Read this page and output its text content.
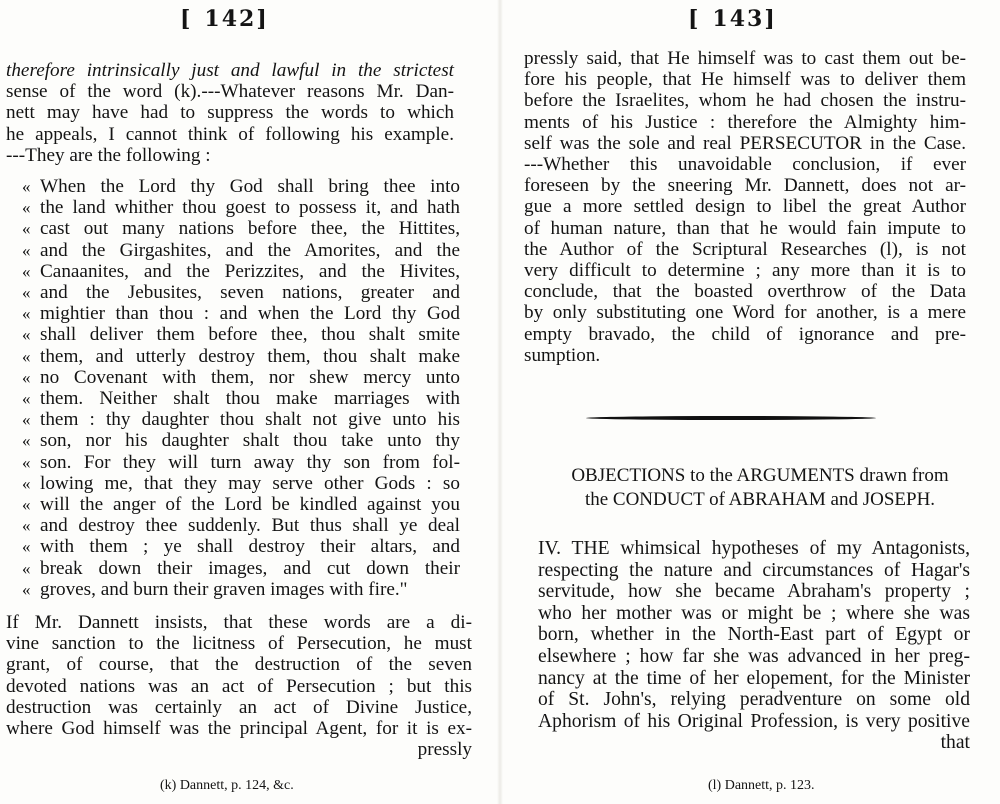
[142]
therefore intrinsically just and lawful in the strictest
sense of the word (k).---Whatever reasons Mr. Dan-
nett may have had to suppress the words to which
he appeals, I cannot think of following his example.
---They are the following :
« When the Lord thy God shall bring thee into
« the land whither thou goest to possess it, and hath
« cast out many nations before thee, the Hittites,
« and the Girgashites, and the Amorites, and the
« Canaanites, and the Perizzites, and the Hivites,
« and the Jebusites, seven nations, greater and
« mightier than thou : and when the Lord thy God
« shall deliver them before thee, thou shalt smite
« them, and utterly destroy them, thou shalt make
« no Covenant with them, nor shew mercy unto
« them. Neither shalt thou make marriages with
« them : thy daughter thou shalt not give unto his
« son, nor his daughter shalt thou take unto thy
« son. For they will turn away thy son from fol-
« lowing me, that they may serve other Gods : so
« will the anger of the Lord be kindled against you
« and destroy thee suddenly. But thus shall ye deal
« with them ; ye shall destroy their altars, and
« break down their images, and cut down their
« groves, and burn their graven images with fire."
If Mr. Dannett insists, that these words are a di-
vine sanction to the licitness of Persecution, he must
grant, of course, that the destruction of the seven
devoted nations was an act of Persecution ; but this
destruction was certainly an act of Divine Justice,
where God himself was the principal Agent, for it is ex-
pressly
(k) Dannett, p. 124, &c.
[143]
pressly said, that He himself was to cast them out be-
fore his people, that He himself was to deliver them
before the Israelites, whom he had chosen the instru-
ments of his Justice : therefore the Almighty him-
self was the sole and real PERSECUTOR in the Case.
---Whether this unavoidable conclusion, if ever
foreseen by the sneering Mr. Dannett, does not ar-
gue a more settled design to libel the great Author
of human nature, than that he would fain impute to
the Author of the Scriptural Researches (l), is not
very difficult to determine ; any more than it is to
conclude, that the boasted overthrow of the Data
by only substituting one Word for another, is a mere
empty bravado, the child of ignorance and pre-
sumption.
OBJECTIONS to the ARGUMENTS drawn from
the CONDUCT of ABRAHAM and JOSEPH.
IV. THE whimsical hypotheses of my Antagonists,
respecting the nature and circumstances of Hagar's
servitude, how she became Abraham's property ;
who her mother was or might be ; where she was
born, whether in the North-East part of Egypt or
elsewhere ; how far she was advanced in her preg-
nancy at the time of her elopement, for the Minister
of St. John's, relying peradventure on some old
Aphorism of his Original Profession, is very positive
that
(l) Dannett, p. 123.
